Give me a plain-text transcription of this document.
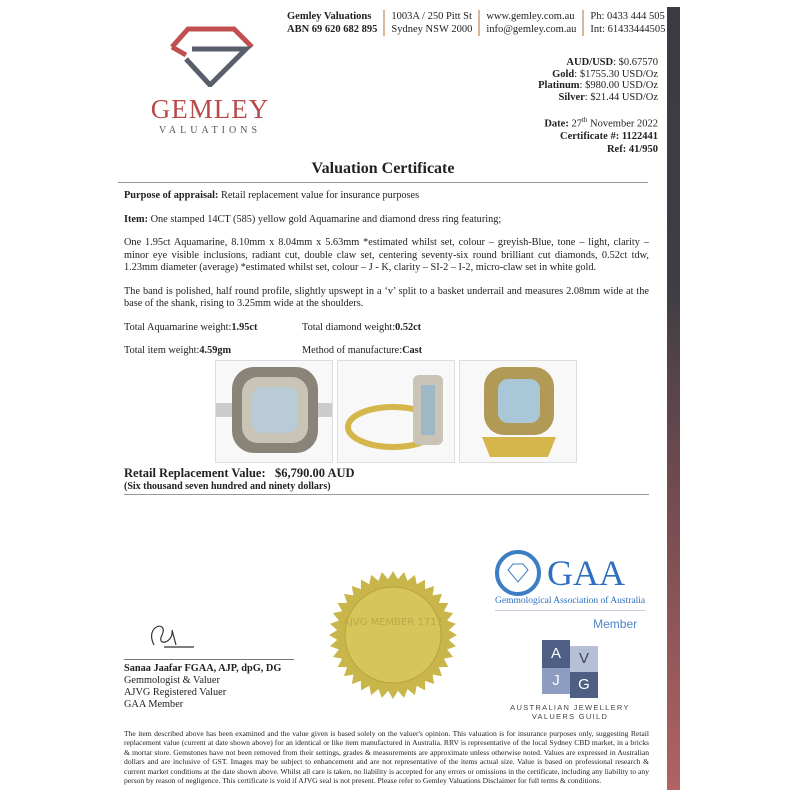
GEMLEY
VALUATIONS
Gemley Valuations
ABN 69 620 682 895
1003A / 250 Pitt St
Sydney NSW 2000
www.gemley.com.au
info@gemley.com.au
Ph: 0433 444 505
Int: 61433444505
AUD/USD: $0.67570
Gold: $1755.30 USD/Oz
Platinum: $980.00 USD/Oz
Silver: $21.44 USD/Oz
Date: 27th November 2022
Certificate #: 1122441
Ref: 41/950
Valuation Certificate

Purpose of appraisal: Retail replacement value for insurance purposes

Item: One stamped 14CT (585) yellow gold Aquamarine and diamond dress ring featuring;

One 1.95ct Aquamarine, 8.10mm x 8.04mm x 5.63mm *estimated whilst set, colour – greyish-Blue, tone – light, clarity – minor eye visible inclusions, radiant cut, double claw set, centering seventy-six round brilliant cut diamonds, 0.52ct tdw, 1.23mm diameter (average) *estimated whilst set, colour – J - K, clarity – SI-2 – I-2, micro-claw set in white gold.

The band is polished, half round profile, slightly upswept in a ‘v’ split to a basket underrail and measures 2.08mm wide at the base of the shank, rising to 3.25mm wide at the shoulders.

Total Aquamarine weight:1.95ct	Total diamond weight:0.52ct

Total item weight:4.59gm	Method of manufacture:Cast

Retail Replacement Value: $6,790.00 AUD
(Six thousand seven hundred and ninety dollars)
AJVG MEMBER 1717
GAA
Gemmological Association of Australia
Member
A	V
J	G
AUSTRALIAN JEWELLERY
VALUERS GUILD
Sanaa Jaafar FGAA, AJP, dpG, DG
Gemmologist & Valuer
AJVG Registered Valuer
GAA Member
The item described above has been examined and the value given is based solely on the valuer's opinion. This valuation is for insurance purposes only, suggesting Retail replacement value (current at date shown above) for an identical or like item manufactured in Australia. RRV is representative of the local Sydney CBD market, in a bricks & mortar store. Gemstones have not been removed from their settings, grades & measurements are approximate unless otherwise noted. Values are expressed in Australian dollars and are inclusive of GST. Images may be subject to enhancement and are not representative of the items actual size. Value is based on professional research & current market conditions at the date shown above. Whilst all care is taken, no liability is accepted for any errors or omissions in the certificate, including any liability to any person by reason of negligence. This certificate is void if AJVG seal is not present. Please refer to Gemley Valuations Disclaimer for full terms & conditions.
